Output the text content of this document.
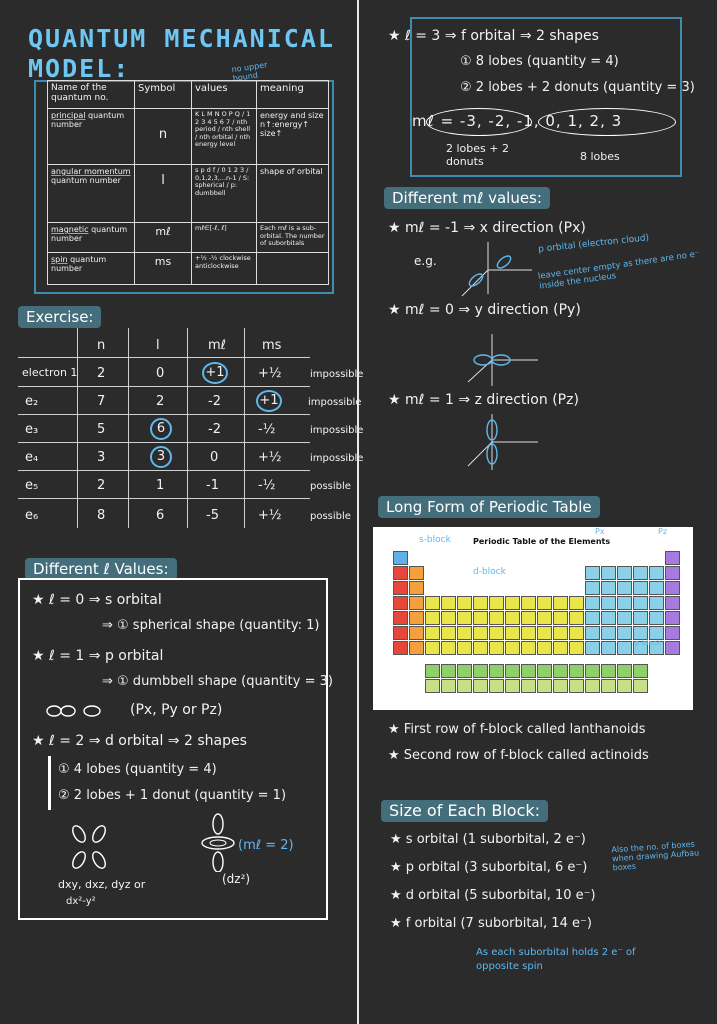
QUANTUM MECHANICAL
MODEL:	no upper bound
Name of the quantum no.	Symbol	values	meaning
principal quantum number	n	K L M N O P Q / 1 2 3 4 5 6 7 / nth period / nth shell / nth orbital / nth energy level	energy and size n↑:energy↑ size↑
angular momentum quantum number	l	s p d f / 0 1 2 3 / 0,1,2,3,...n-1 / S: spherical / p: dumbbell	shape of orbital
magnetic quantum number	mℓ	mℓ∈[-ℓ, ℓ]	Each mℓ is a sub-orbital. The number of suborbitals
spin quantum number	ms	+½ -½ clockwise anticlockwise	
Exercise:
n	l	mℓ	ms
electron 1 2	0	+1	+½	impossible
e₂	7	2	-2	+1	impossible
e₃	5	6	-2	-½	impossible
e₄	3	3	0	+½	impossible
e₅	2	1	-1	-½	possible
e₆	8	6	-5	+½	possible
Different ℓ Values:
★ ℓ = 0 ⇒ s orbital
⇒ ① spherical shape (quantity: 1)
★ ℓ = 1 ⇒ p orbital
⇒ ① dumbbell shape (quantity = 3)
(Px, Py or Pz)
★ ℓ = 2 ⇒ d orbital ⇒ 2 shapes
① 4 lobes (quantity = 4)
② 2 lobes + 1 donut (quantity = 1)
(mℓ = 2)
(dz²)
dxy, dxz, dyz or
dx²-y²
★ ℓ = 3 ⇒ f orbital ⇒ 2 shapes
① 8 lobes (quantity = 4)
② 2 lobes + 2 donuts (quantity = 3)
mℓ = -3, -2, -1, 0, 1, 2, 3
2 lobes + 2 donuts	8 lobes
Different mℓ values:
★ mℓ = -1 ⇒ x direction (Px)
e.g.
p orbital (electron cloud)
leave center empty as there are no e⁻ inside the nucleus
★ mℓ = 0 ⇒ y direction (Py)
★ mℓ = 1 ⇒ z direction (Pz)
Long Form of Periodic Table
Periodic Table of the Elements
s-block
d-block
p-block
Px	Pz
★ First row of f-block called lanthanoids
★ Second row of f-block called actinoids
Size of Each Block:
★ s orbital (1 suborbital, 2 e⁻)
★ p orbital (3 suborbital, 6 e⁻)
★ d orbital (5 suborbital, 10 e⁻)
★ f orbital (7 suborbital, 14 e⁻)
Also the no. of boxes when drawing Aufbau boxes
As each suborbital holds 2 e⁻ of opposite spin
